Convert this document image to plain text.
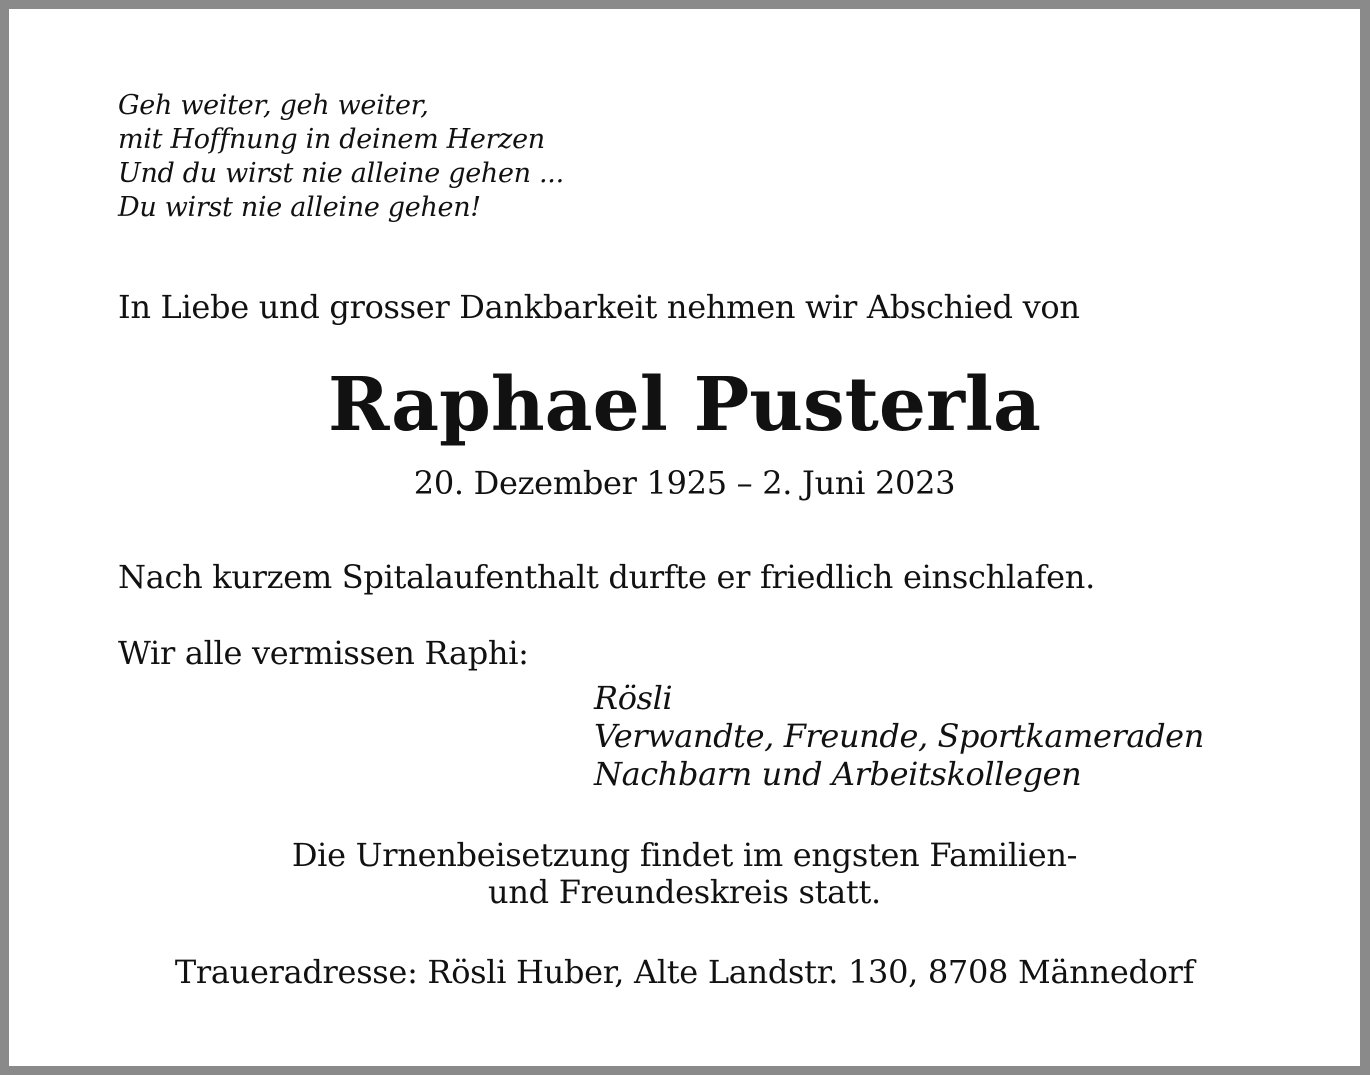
Geh weiter, geh weiter,
mit Hoffnung in deinem Herzen
Und du wirst nie alleine gehen ...
Du wirst nie alleine gehen!
In Liebe und grosser Dankbarkeit nehmen wir Abschied von
Raphael Pusterla
20. Dezember 1925 – 2. Juni 2023
Nach kurzem Spitalaufenthalt durfte er friedlich einschlafen.
Wir alle vermissen Raphi:
Rösli
Verwandte, Freunde, Sportkameraden
Nachbarn und Arbeitskollegen
Die Urnenbeisetzung findet im engsten Familien-
und Freundeskreis statt.
Traueradresse: Rösli Huber, Alte Landstr. 130, 8708 Männedorf
